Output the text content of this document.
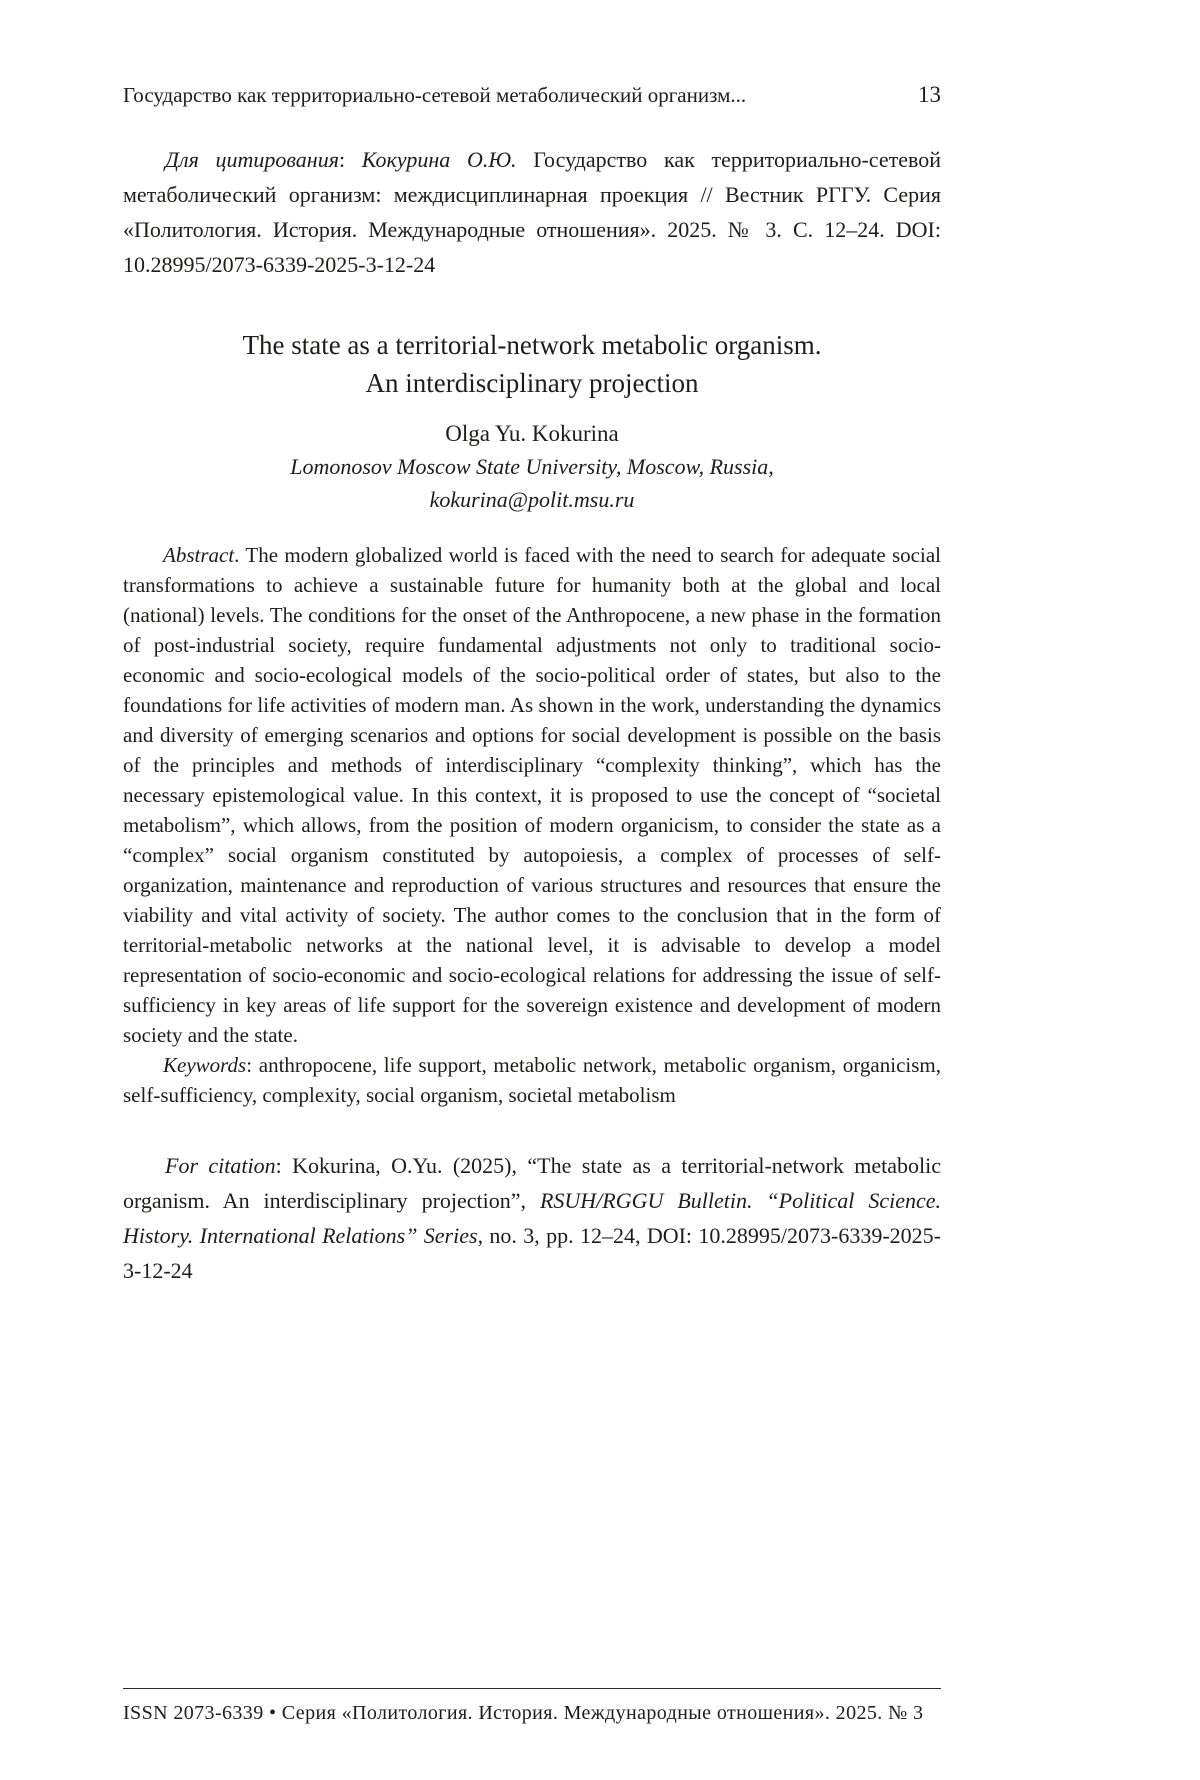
Государство как территориально-сетевой метаболический организм...	13

Для цитирования: Кокурина О.Ю. Государство как территориально-сетевой метаболический организм: междисциплинарная проекция // Вестник РГГУ. Серия «Политология. История. Международные отношения». 2025. № 3. С. 12–24. DOI: 10.28995/2073-6339-2025-3-12-24

The state as a territorial-network metabolic organism.
An interdisciplinary projection
Olga Yu. Kokurina
Lomonosov Moscow State University, Moscow, Russia,
kokurina@polit.msu.ru

Abstract. The modern globalized world is faced with the need to search for adequate social transformations to achieve a sustainable future for humanity both at the global and local (national) levels. The conditions for the onset of the Anthropocene, a new phase in the formation of post-industrial society, require fundamental adjustments not only to traditional socio-economic and socio-ecological models of the socio-political order of states, but also to the foundations for life activities of modern man. As shown in the work, understanding the dynamics and diversity of emerging scenarios and options for social development is possible on the basis of the principles and methods of interdisciplinary “complexity thinking”, which has the necessary epistemological value. In this context, it is proposed to use the concept of “societal metabolism”, which allows, from the position of modern organicism, to consider the state as a “complex” social organism constituted by autopoiesis, a complex of processes of self-organization, maintenance and reproduction of various structures and resources that ensure the viability and vital activity of society. The author comes to the conclusion that in the form of territorial-metabolic networks at the national level, it is advisable to develop a model representation of socio-economic and socio-ecological relations for addressing the issue of self-sufficiency in key areas of life support for the sovereign existence and development of modern society and the state.

Keywords: anthropocene, life support, metabolic network, metabolic organism, organicism, self-sufficiency, complexity, social organism, societal metabolism

For citation: Kokurina, O.Yu. (2025), “The state as a territorial-network metabolic organism. An interdisciplinary projection”, RSUH/RGGU Bulletin. “Political Science. History. International Relations” Series, no. 3, pp. 12–24, DOI: 10.28995/2073-6339-2025-3-12-24

ISSN 2073-6339 • Серия «Политология. История. Международные отношения». 2025. № 3
